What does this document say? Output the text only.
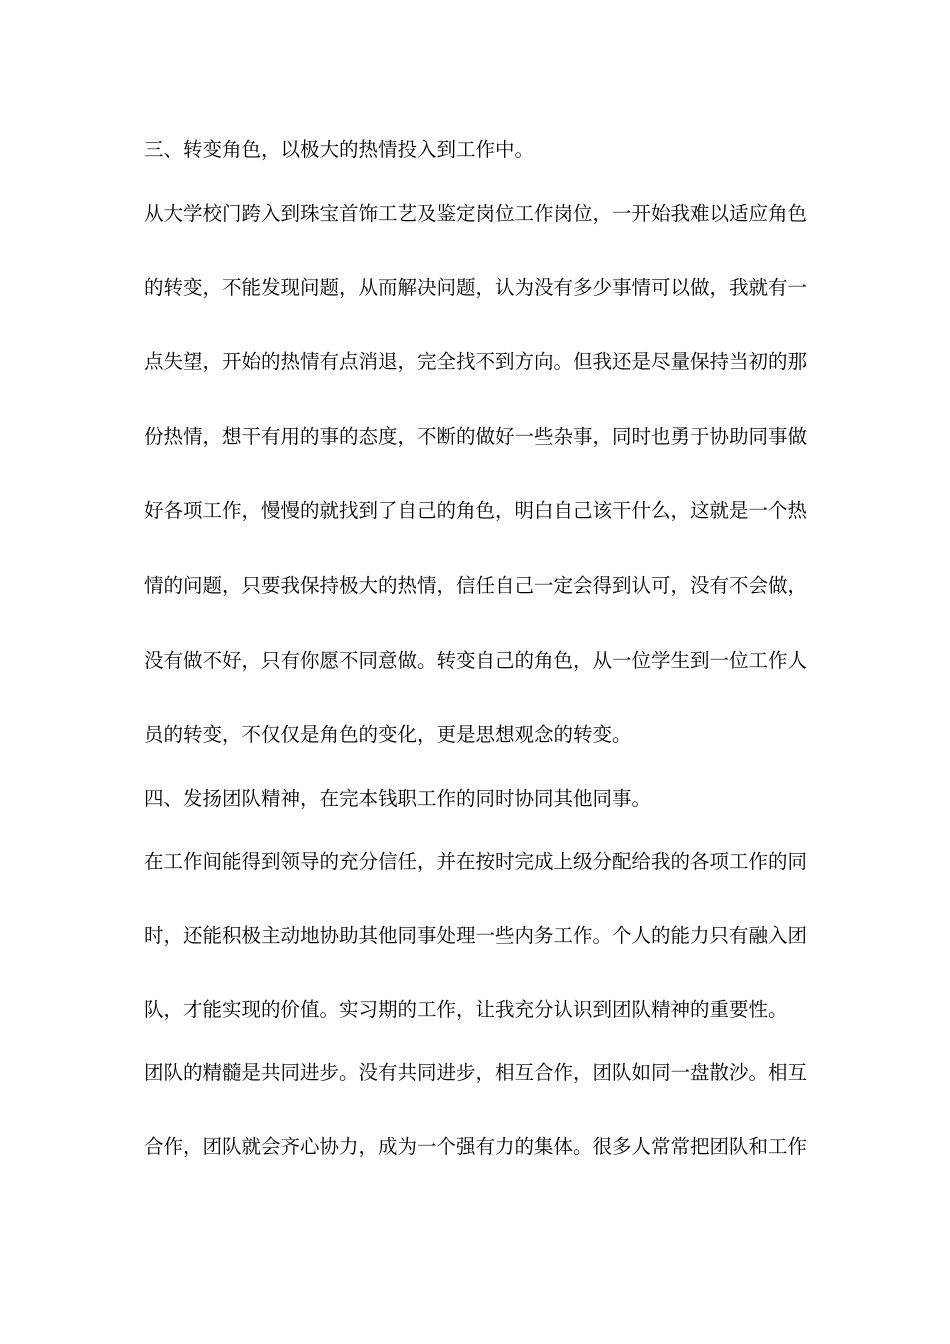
三、转变角色，以极大的热情投入到工作中。
从大学校门跨入到珠宝首饰工艺及鉴定岗位工作岗位，一开始我难以适应角色
的转变，不能发现问题，从而解决问题，认为没有多少事情可以做，我就有一
点失望，开始的热情有点消退，完全找不到方向。但我还是尽量保持当初的那
份热情，想干有用的事的态度，不断的做好一些杂事，同时也勇于协助同事做
好各项工作，慢慢的就找到了自己的角色，明白自己该干什么，这就是一个热
情的问题，只要我保持极大的热情，信任自己一定会得到认可，没有不会做，
没有做不好，只有你愿不同意做。转变自己的角色，从一位学生到一位工作人
员的转变，不仅仅是角色的变化，更是思想观念的转变。
四、发扬团队精神，在完本钱职工作的同时协同其他同事。
在工作间能得到领导的充分信任，并在按时完成上级分配给我的各项工作的同
时，还能积极主动地协助其他同事处理一些内务工作。个人的能力只有融入团
队，才能实现的价值。实习期的工作，让我充分认识到团队精神的重要性。
团队的精髓是共同进步。没有共同进步，相互合作，团队如同一盘散沙。相互
合作，团队就会齐心协力，成为一个强有力的集体。很多人常常把团队和工作
